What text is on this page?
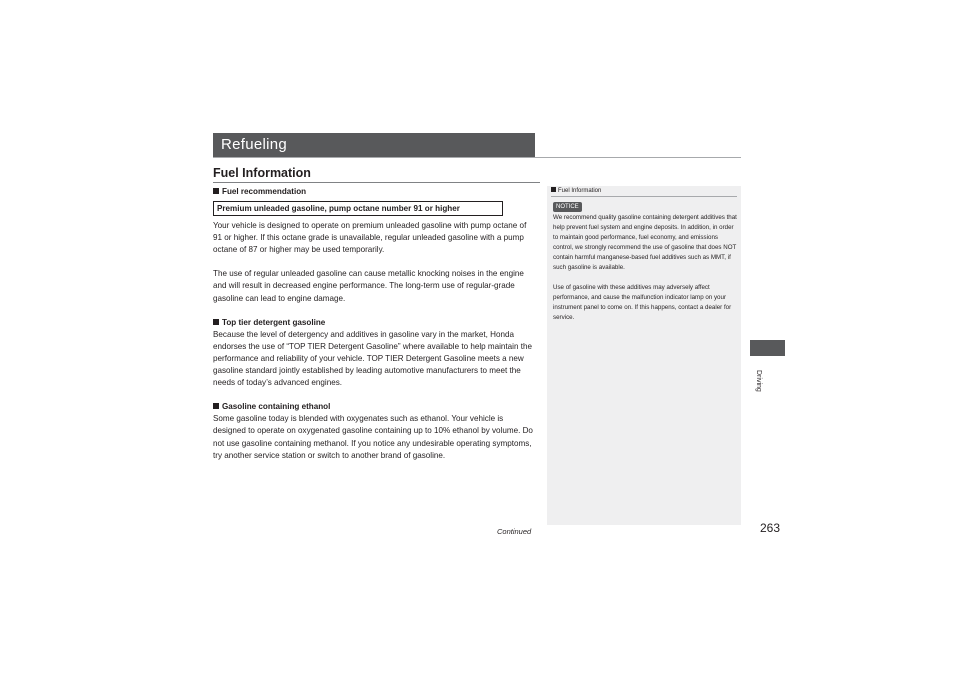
Refueling
Fuel Information

Fuel recommendation

Premium unleaded gasoline, pump octane number 91 or higher

Your vehicle is designed to operate on premium unleaded gasoline with pump octane of 91 or higher. If this octane grade is unavailable, regular unleaded gasoline with a pump octane of 87 or higher may be used temporarily.

The use of regular unleaded gasoline can cause metallic knocking noises in the engine and will result in decreased engine performance. The long-term use of regular-grade gasoline can lead to engine damage.

Top tier detergent gasoline

Because the level of detergency and additives in gasoline vary in the market, Honda endorses the use of “TOP TIER Detergent Gasoline” where available to help maintain the performance and reliability of your vehicle. TOP TIER Detergent Gasoline meets a new gasoline standard jointly established by leading automotive manufacturers to meet the needs of today’s advanced engines.

Gasoline containing ethanol

Some gasoline today is blended with oxygenates such as ethanol. Your vehicle is designed to operate on oxygenated gasoline containing up to 10% ethanol by volume. Do not use gasoline containing methanol. If you notice any undesirable operating symptoms, try another service station or switch to another brand of gasoline.

Fuel Information
NOTICE

We recommend quality gasoline containing detergent additives that help prevent fuel system and engine deposits. In addition, in order to maintain good performance, fuel economy, and emissions control, we strongly recommend the use of gasoline that does NOT contain harmful manganese-based fuel additives such as MMT, if such gasoline is available.

Use of gasoline with these additives may adversely affect performance, and cause the malfunction indicator lamp on your instrument panel to come on. If this happens, contact a dealer for service.

Driving
Continued	263
